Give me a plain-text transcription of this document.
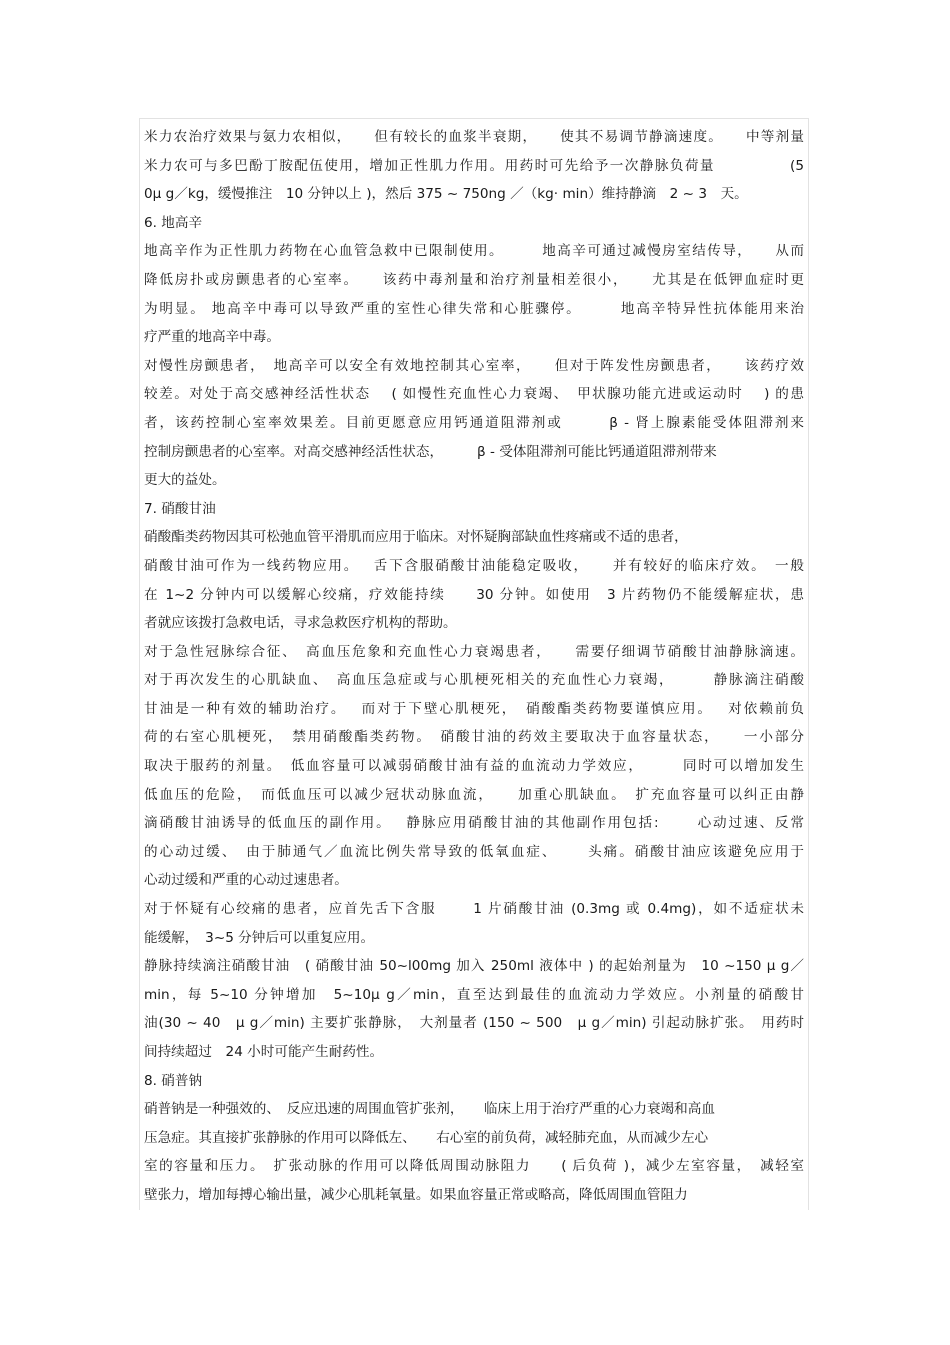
米力农治疗效果与氨力农相似，　　但有较长的血浆半衰期，　　使其不易调节静滴速度。　　中等剂量
米力农可与多巴酚丁胺配伍使用，增加正性肌力作用。用药时可先给予一次静脉负荷量　　　　　(5
0μ g／kg，缓慢推注　10 分钟以上 )，然后 375 ~ 750ng ／（kg· min）维持静滴　2 ~ 3　天。
6. 地高辛
地高辛作为正性肌力药物在心血管急救中已限制使用。　　　地高辛可通过减慢房室结传导，　　从而
降低房扑或房颤患者的心室率。　　该药中毒剂量和治疗剂量相差很小，　　尤其是在低钾血症时更
为明显。 地高辛中毒可以导致严重的室性心律失常和心脏骤停。　　　地高辛特异性抗体能用来治
疗严重的地高辛中毒。
对慢性房颤患者，　地高辛可以安全有效地控制其心室率，　　但对于阵发性房颤患者，　　该药疗效
较差。对处于高交感神经活性状态　 ( 如慢性充血性心力衰竭、　甲状腺功能亢进或运动时　 ) 的患
者，该药控制心室率效果差。目前更愿意应用钙通道阻滞剂或　　　β - 肾上腺素能受体阻滞剂来
控制房颤患者的心室率。对高交感神经活性状态，　　　β - 受体阻滞剂可能比钙通道阻滞剂带来
更大的益处。
7. 硝酸甘油
硝酸酯类药物因其可松弛血管平滑肌而应用于临床。对怀疑胸部缺血性疼痛或不适的患者，
硝酸甘油可作为一线药物应用。　 舌下含服硝酸甘油能稳定吸收，　　并有较好的临床疗效。　一般
在 1~2 分钟内可以缓解心绞痛，疗效能持续　　30 分钟。如使用　3 片药物仍不能缓解症状，患
者就应该拨打急救电话，寻求急救医疗机构的帮助。
对于急性冠脉综合征、　高血压危象和充血性心力衰竭患者，　　需要仔细调节硝酸甘油静脉滴速。
对于再次发生的心肌缺血、　高血压急症或与心肌梗死相关的充血性心力衰竭，　　　静脉滴注硝酸
甘油是一种有效的辅助治疗。　 而对于下壁心肌梗死，　硝酸酯类药物要谨慎应用。　 对依赖前负
荷的右室心肌梗死，　禁用硝酸酯类药物。　硝酸甘油的药效主要取决于血容量状态，　　一小部分
取决于服药的剂量。　低血容量可以减弱硝酸甘油有益的血流动力学效应，　　　同时可以增加发生
低血压的危险，　而低血压可以减少冠状动脉血流，　　加重心肌缺血。　扩充血容量可以纠正由静
滴硝酸甘油诱导的低血压的副作用。　 静脉应用硝酸甘油的其他副作用包括:　　 心动过速、反常
的心动过缓、　由于肺通气／血流比例失常导致的低氧血症、　　 头痛。硝酸甘油应该避免应用于
心动过缓和严重的心动过速患者。
对于怀疑有心绞痛的患者，应首先舌下含服　　 1 片硝酸甘油 (0.3mg 或 0.4mg)，如不适症状未
能缓解，　3~5 分钟后可以重复应用。
静脉持续滴注硝酸甘油　( 硝酸甘油 50~l00mg 加入 250ml 液体中 ) 的起始剂量为　10 ~150 μ g／
min，每 5~10 分钟增加　5~10μ g／min，直至达到最佳的血流动力学效应。小剂量的硝酸甘
油(30 ~ 40　μ g／min) 主要扩张静脉，　大剂量者 (150 ~ 500　μ g／min) 引起动脉扩张。　用药时
间持续超过　24 小时可能产生耐药性。
8. 硝普钠
硝普钠是一种强效的、　反应迅速的周围血管扩张剂，　　临床上用于治疗严重的心力衰竭和高血
压急症。其直接扩张静脉的作用可以降低左、　　右心室的前负荷，减轻肺充血，从而减少左心
室的容量和压力。　扩张动脉的作用可以降低周围动脉阻力　　( 后负荷 )，减少左室容量，　减轻室
壁张力，增加每搏心输出量，减少心肌耗氧量。如果血容量正常或略高，降低周围血管阻力
